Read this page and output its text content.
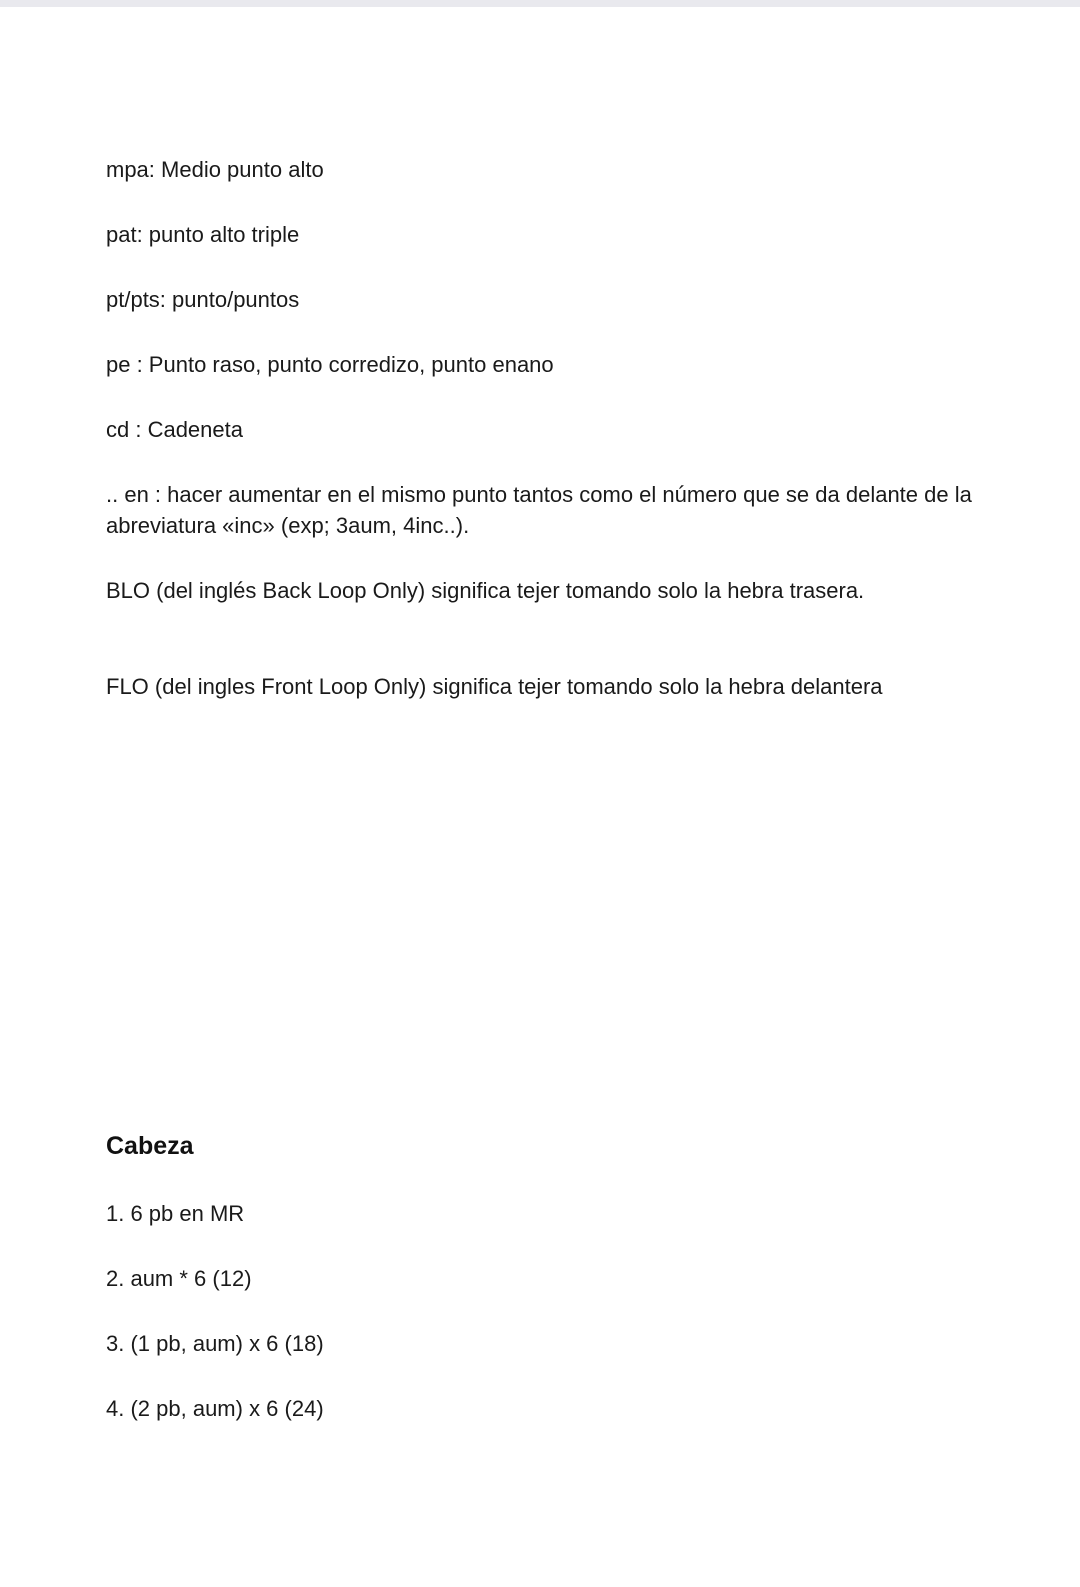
mpa: Medio punto alto
pat: punto alto triple
pt/pts: punto/puntos
pe : Punto raso, punto corredizo, punto enano
cd : Cadeneta
.. en : hacer aumentar en el mismo punto tantos como el número que se da delante de la abreviatura «inc» (exp; 3aum, 4inc..).
BLO (del inglés Back Loop Only) significa tejer tomando solo la hebra trasera.
FLO (del ingles Front Loop Only) significa tejer tomando solo la hebra delantera
Cabeza
1. 6 pb en MR
2. aum * 6 (12)
3. (1 pb, aum) x 6 (18)
4. (2 pb, aum) x 6 (24)
